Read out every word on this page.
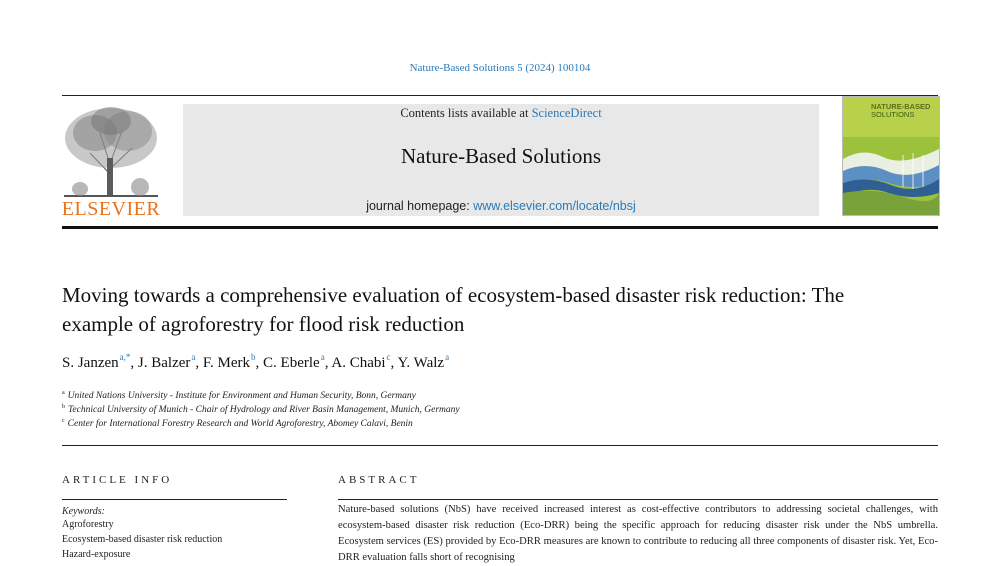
Nature-Based Solutions 5 (2024) 100104
ELSEVIER
Contents lists available at ScienceDirect
Nature-Based Solutions
journal homepage: www.elsevier.com/locate/nbsj
NATURE-BASED
SOLUTIONS
Moving towards a comprehensive evaluation of ecosystem-based disaster risk reduction: The example of agroforestry for flood risk reduction
S. Janzen$^{a,*}$, J. Balzer$^a$, F. Merk$^b$, C. Eberle$^a$, A. Chabi$^c$, Y. Walz$^a$
$^a$ United Nations University - Institute for Environment and Human Security, Bonn, Germany
$^b$ Technical University of Munich - Chair of Hydrology and River Basin Management, Munich, Germany
$^c$ Center for International Forestry Research and World Agroforestry, Abomey Calavi, Benin
ARTICLE INFO
Keywords:
Agroforestry
Ecosystem-based disaster risk reduction
Hazard-exposure
ABSTRACT
Nature-based solutions (NbS) have received increased interest as cost-effective contributors to addressing societal challenges, with ecosystem-based disaster risk reduction (Eco-DRR) being the specific approach for reducing disaster risk under the NbS umbrella. Ecosystem services (ES) provided by Eco-DRR measures are known to contribute to reducing all three components of disaster risk. Yet, Eco-DRR evaluation falls short of recognising
